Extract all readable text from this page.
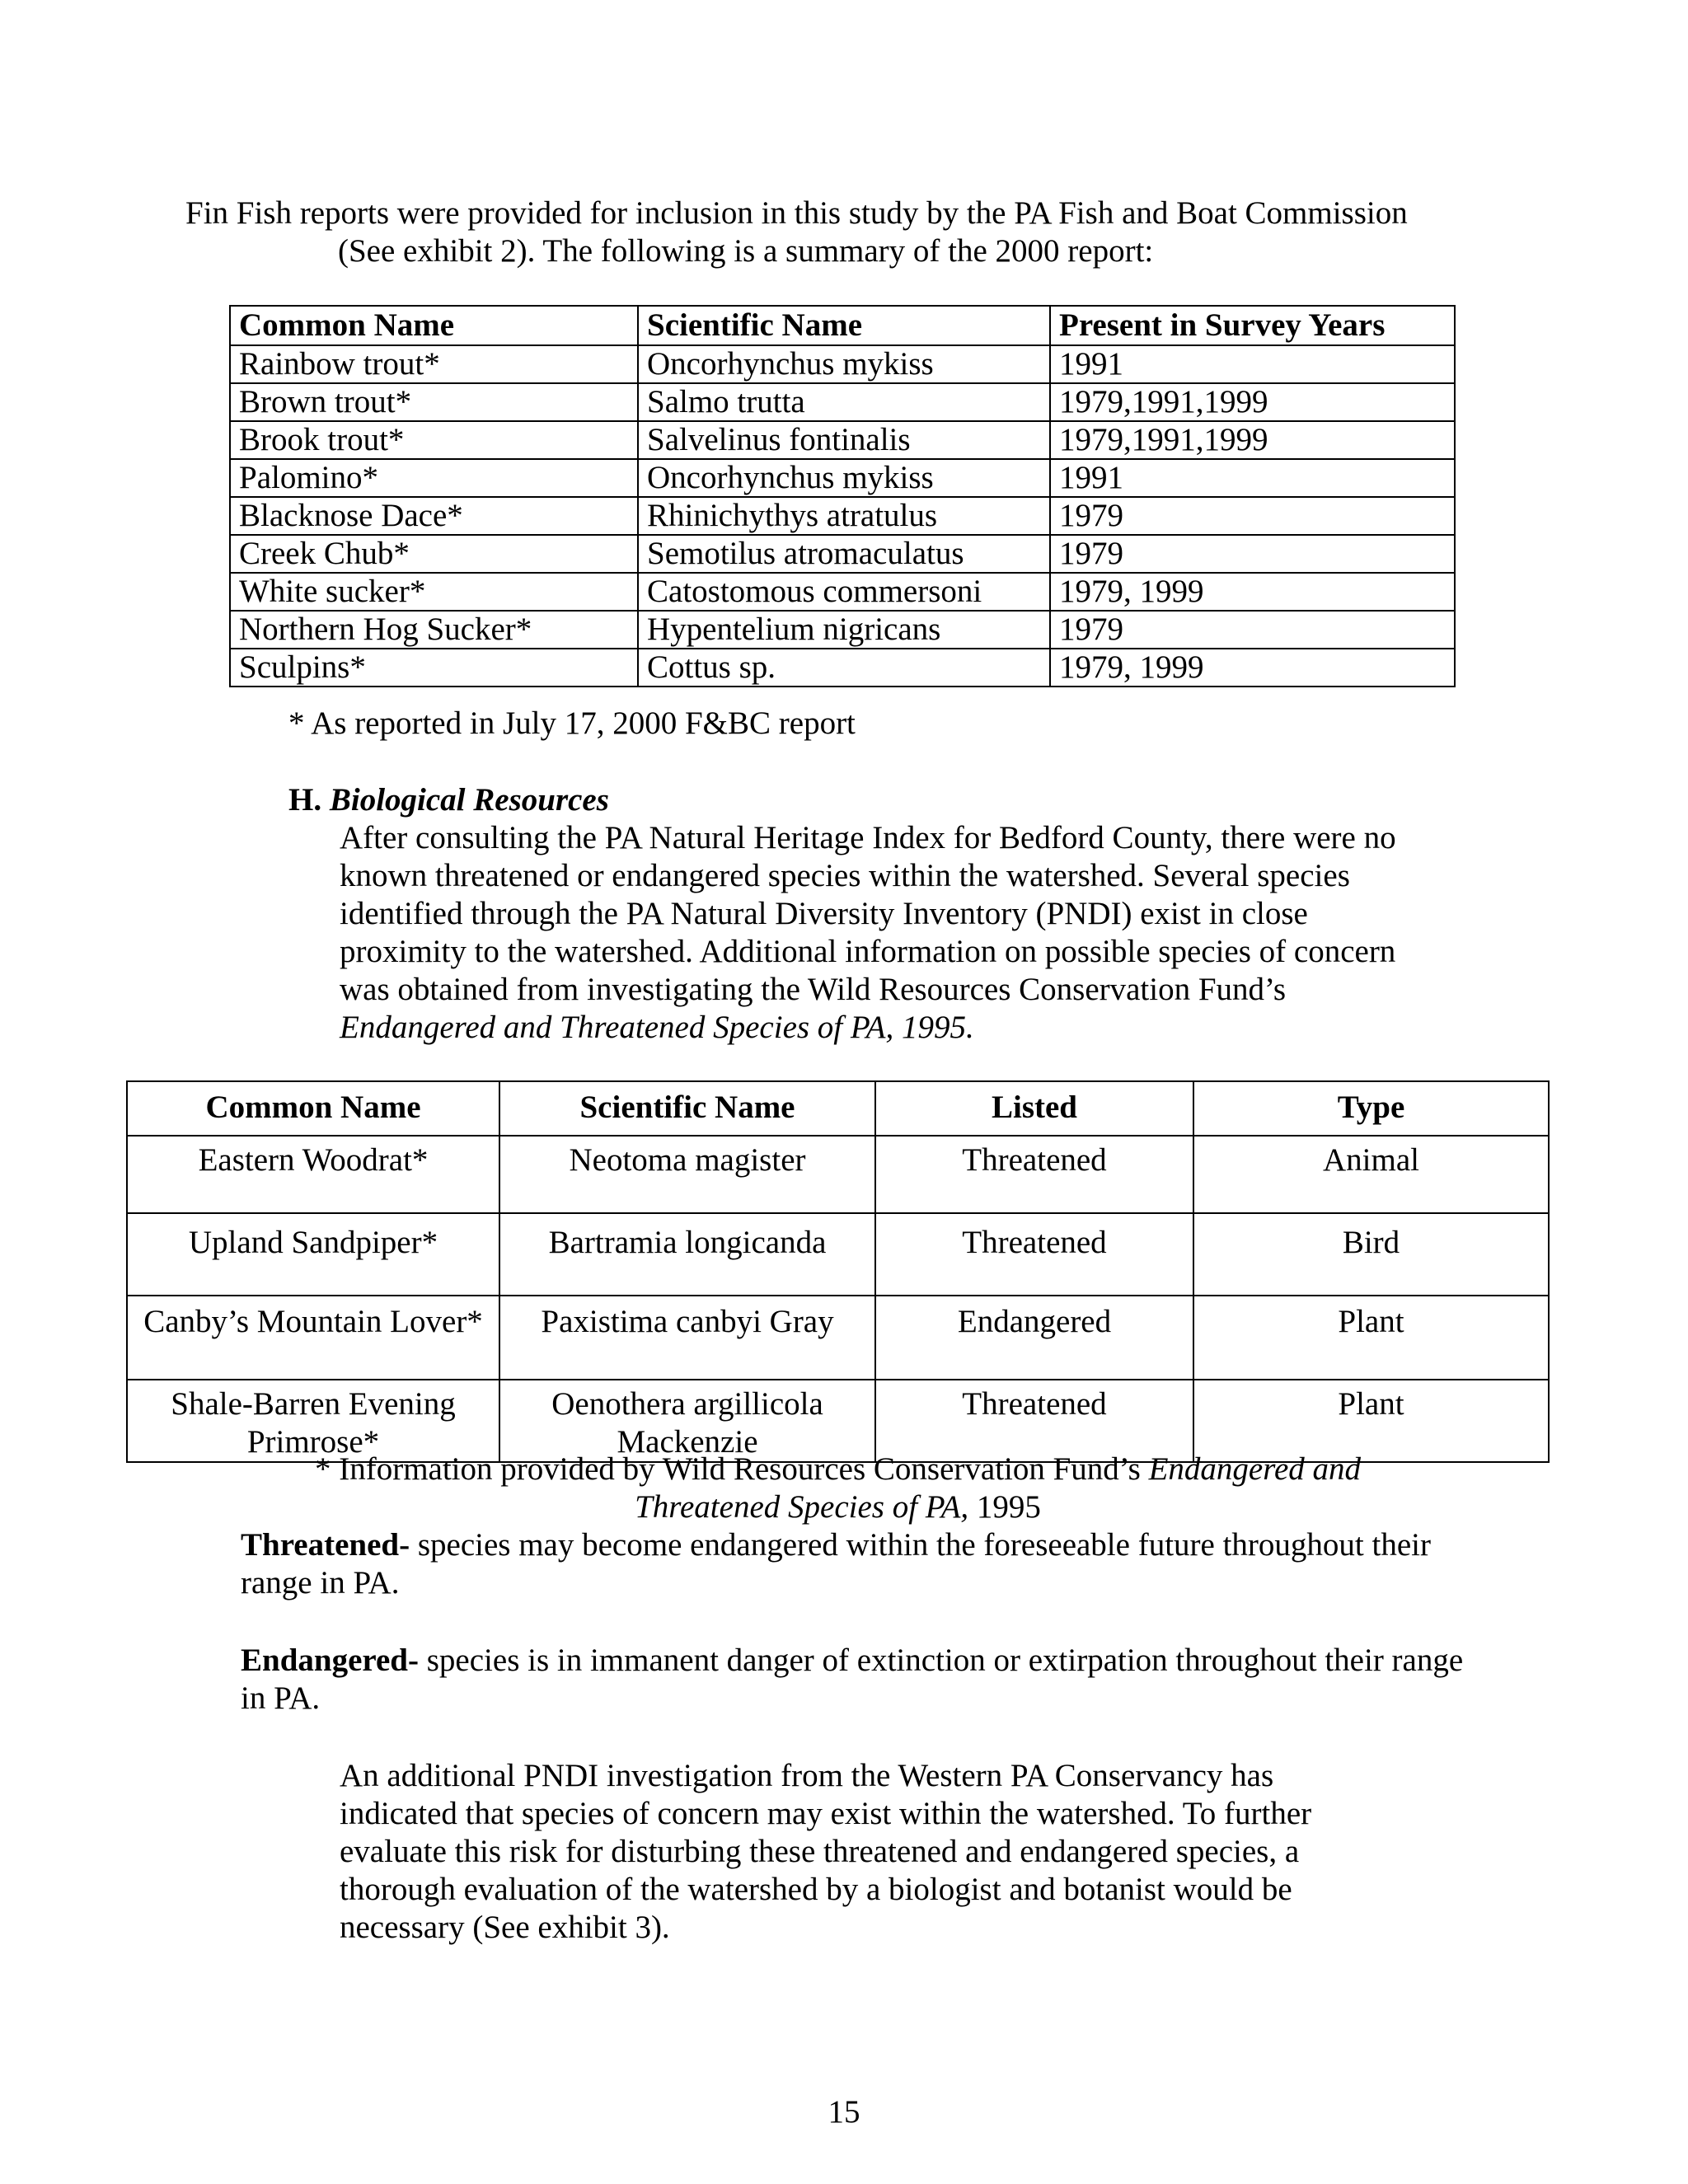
Fin Fish reports were provided for inclusion in this study by the PA Fish and Boat Commission
(See exhibit 2). The following is a summary of the 2000 report:
Common Name	Scientific Name	Present in Survey Years
Rainbow trout*	Oncorhynchus mykiss	1991
Brown trout*	Salmo trutta	1979,1991,1999
Brook trout*	Salvelinus fontinalis	1979,1991,1999
Palomino*	Oncorhynchus mykiss	1991
Blacknose Dace*	Rhinichythys atratulus	1979
Creek Chub*	Semotilus atromaculatus	1979
White sucker*	Catostomous commersoni	1979, 1999
Northern Hog Sucker*	Hypentelium nigricans	1979
Sculpins*	Cottus sp.	1979, 1999
* As reported in July 17, 2000 F&BC report
H. Biological Resources
After consulting the PA Natural Heritage Index for Bedford County, there were no
known threatened or endangered species within the watershed. Several species
identified through the PA Natural Diversity Inventory (PNDI) exist in close
proximity to the watershed. Additional information on possible species of concern
was obtained from investigating the Wild Resources Conservation Fund’s
Endangered and Threatened Species of PA, 1995.
Common Name	Scientific Name	Listed	Type
Eastern Woodrat*	Neotoma magister	Threatened	Animal
Upland Sandpiper*	Bartramia longicanda	Threatened	Bird
Canby’s Mountain Lover*	Paxistima canbyi Gray	Endangered	Plant
Shale-Barren Evening Primrose*	Oenothera argillicola Mackenzie	Threatened	Plant
* Information provided by Wild Resources Conservation Fund’s Endangered and
Threatened Species of PA, 1995
Threatened- species may become endangered within the foreseeable future throughout their range in PA.
Endangered- species is in immanent danger of extinction or extirpation throughout their range in PA.
An additional PNDI investigation from the Western PA Conservancy has
indicated that species of concern may exist within the watershed. To further
evaluate this risk for disturbing these threatened and endangered species, a
thorough evaluation of the watershed by a biologist and botanist would be
necessary (See exhibit 3).
15
